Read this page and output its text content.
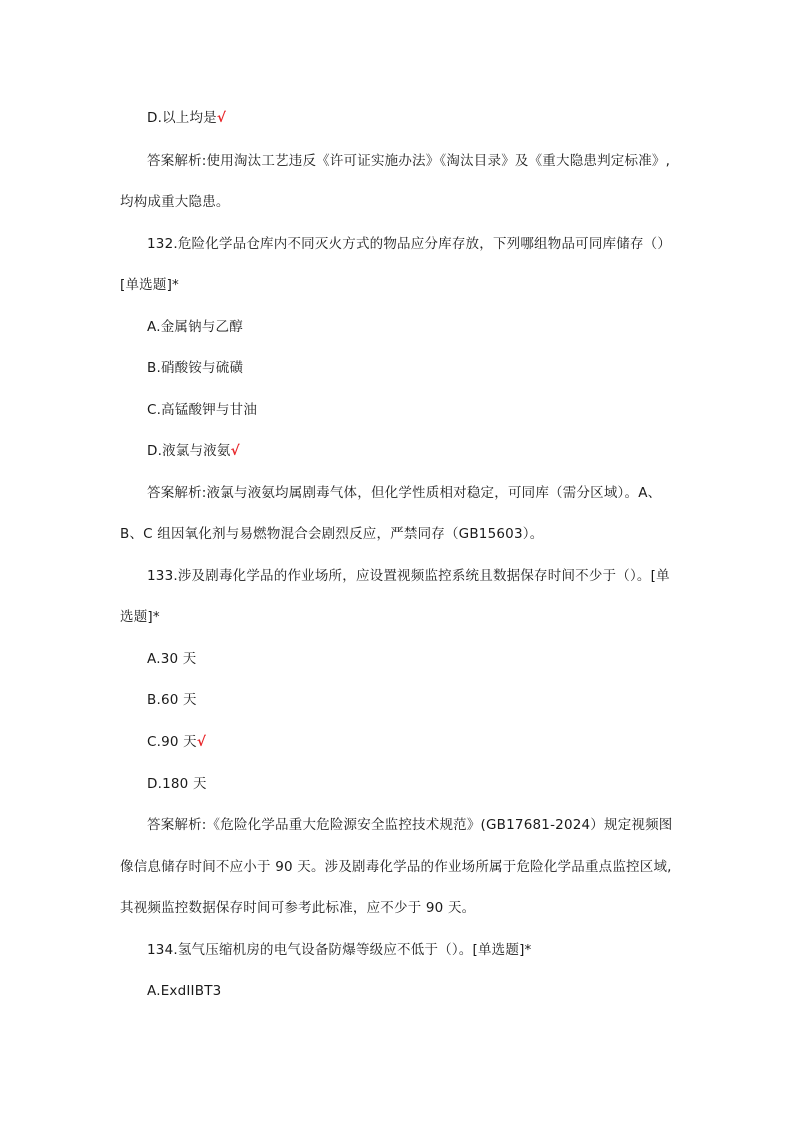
D.以上均是√
答案解析:使用淘汰工艺违反《许可证实施办法》《淘汰目录》及《重大隐患判定标准》,
均构成重大隐患。
132.危险化学品仓库内不同灭火方式的物品应分库存放，下列哪组物品可同库储存（）
[单选题]*
A.金属钠与乙醇
B.硝酸铵与硫磺
C.高锰酸钾与甘油
D.液氯与液氨√
答案解析:液氯与液氨均属剧毒气体，但化学性质相对稳定，可同库（需分区域）。A、
B、C 组因氧化剂与易燃物混合会剧烈反应，严禁同存（GB15603）。
133.涉及剧毒化学品的作业场所，应设置视频监控系统且数据保存时间不少于（）。[单
选题]*
A.30 天
B.60 天
C.90 天√
D.180 天
答案解析:《危险化学品重大危险源安全监控技术规范》(GB17681-2024）规定视频图
像信息储存时间不应小于 90 天。涉及剧毒化学品的作业场所属于危险化学品重点监控区域,
其视频监控数据保存时间可参考此标准，应不少于 90 天。
134.氢气压缩机房的电气设备防爆等级应不低于（）。[单选题]*
A.ExdIIBT3
